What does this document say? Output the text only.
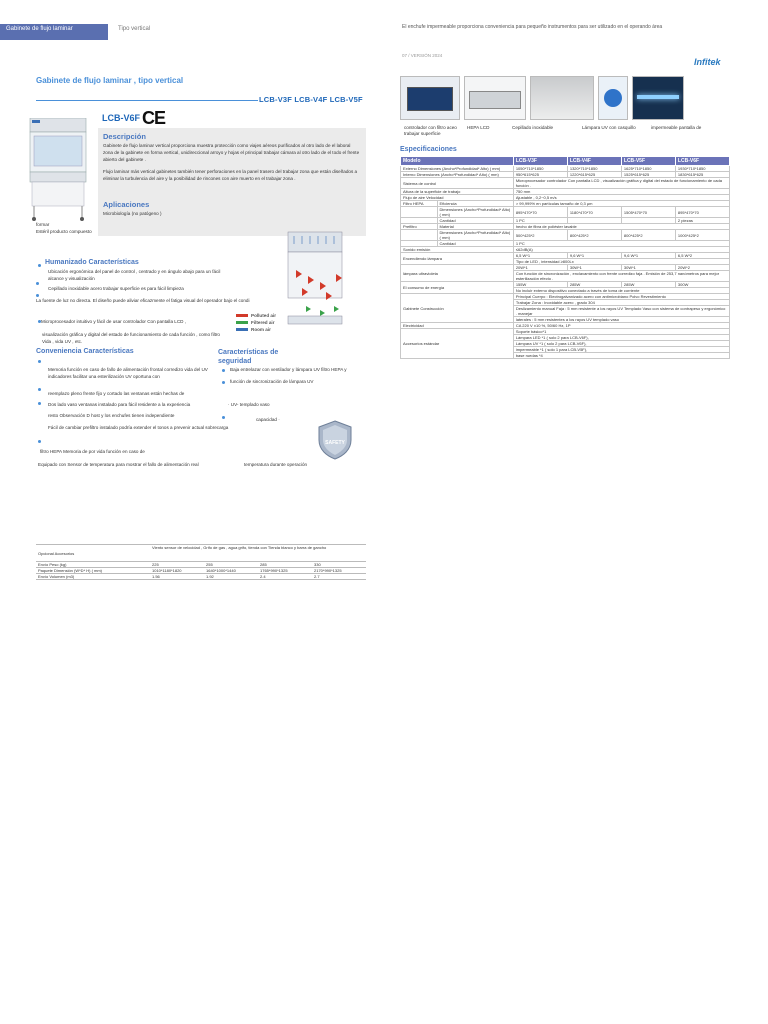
Gabinete de flujo laminar	Tipo vertical	El enchufe impermeable proporciona conveniencia para pequeño instrumentos para ser utilizado en el operando área
07 / VERSIÓN 2024
Infitek
Gabinete de flujo laminar , tipo vertical
LCB-V3F LCB-V4F LCB-V5F
LCB-V6F CE
Descripción
Gabinete de flujo laminar vertical proporciona muestra protección como viajes aéreos purificados al otro lado de el laboral zona de la gabinete en forma vertical, unidireccional arroyo y hojas el principal trabajar cámara al otro lado de el todo el frente abierto del gabinete .
Flujo laminar más vertical gabinetes también tener perforaciones en la panel trasero del trabajar zona que están diseñados a eliminar la turbulencia del aire y la posibilidad de rincones con aire muerto en el trabajar zona .
Aplicaciones
Microbiología (no patógeno )
formar
Estéril producto compuesto
Polluted air
Filtered air
Room air
Humanizado Características
Ubicación ergonómica del panel de control , centrado y en ángulo abajo para un fácil alcance y visualización
Cepillado inoxidable acero trabajar superficie es para fácil limpieza
La fuente de luz no directa. El diseño puede aliviar eficazmente el fatiga visual del operador bajo el condi
Microprocesador intuitivo y fácil de usar controlador Con pantalla LCD ,
visualización gráfica y digital del estado de funcionamiento de cada función , como filtro Vida , vida UV , etc.
Conveniencia Características
Memoria función en caso de fallo de alimentación frontal corredizo vida del UV indicadores facilitar una esterilización UV oportuna con
reemplazo pleno frente fijo y cortado las ventanas están hechas de
Dos lado vaso ventanas instalado para fácil residente a la experiencia
resto Observación D host y los enchufes tienen independiente
Fácil de cambiar prefiltro instalado podría extender el tonos a prevenir actual sobrecarga
filtro HEPA Memoria de por vida función en caso de
Equipado con Sensor de temperatura para mostrar el fallo de alimentación real
Características de seguridad
Baja entrelazar con ventilador y lámpara UV filtro HEPA y
función de sincronización de lámpara UV
· UV- templado vaso
capacidad ·
temperatura durante operación
SAFETY
Opcional Accesorios	Viento sensor de velocidad , Grifo de gas , agua grifo, tienda con Tienda blanco y barra de gancho			
Envío Peso (kg)	225	255	285	330
Paquete Dimensión (W*D* H) ( mm)	1010*1180*1820	1640*1000*1440	1765*990*1325	2170*990*1325
Envío Volumen (m3)	1.56	1.92	2.4	2.7
controlador con filtro aceo trabajar superficie
HEPA LCD	Cepillado inoxidable	Lámpara UV con casquillo	impermeable pantalla de
Especificaciones
Modelo		LCB-V3F	LCB-V4F	LCB-V5F	LCB-V6F
Externo Dimensiones (Ancho*Profundidad* Alto) ( mm)		1050*710*1850	1320*710*1850	1625*710*1850	1930*710*1850
Interno Dimensiones (Ancho*Profundidad* Alto) ( mm)		950*615*625	1220*615*625	1525*615*625	1830*615*625
Sistema de control		Microprocesador controlador Con pantalla LCD , visualización gráfica y digital del estado de funcionamiento de cada función .			
Altura de la superficie de trabajo		750 mm			
Flujo de aire Velocidad		Ajustable , 0,2~0,5 m/s			
Filtro HEPA	Eficiencia	> 99,999% en partículas tamaño de 0,3 μm			
	Dimensiones (Ancho*Profundidad* Alto)( mm)	895*470*70	1180*470*70	1505*470*70	895*470*70
	Cantidad	1 PC			2 piezas
Prefiltro	Material	hecho de fibra de poliéster lavable			
	Dimensiones (Ancho*Profundidad* Alto)( mm)	500*425*2	800*425*2	800*425*2	1000*425*2
	Cantidad	1 PC			
Sonido emisión		≤62dB(A)			
Encendiendo lámpara		6,5 W*1	9,6 W*1	9,6 W*1	6,5 W*2
		Tipo de LED , intensidad ≥800Lx			
lámpara ultravioleta		20W*1	30W*1	30W*1	20W*2
		Con función de sincronización , enclavamiento con frente corredizo faja . Emisión de 253,7 nanómetros para mejor esterilización efecto .			
El consumo de energía		155W	285W	285W	300W
		No incluir externo dispositivo conectado a través de toma de corriente			
Gabinete Construcción		Principal Cuerpo : Electrogalvanizado acero con antimicrobiano Polvo Revestimiento			
		Trabajar Zona : Inoxidable acero , grado 304			
		Deslizamiento manual Faja : 5 mm resistente a los rayos UV Templado Vaso con sistema de contrapeso y ergonómico . manejar			
		laterales : 5 mm resistentes a los rayos UV templado vaso			
Electricidad		CA 220 V ±10 %, 50/60 Hz, 1P			
Accesorios estándar		Soporte básico*1			
		Lámpara LED *1 ( solo 2 para LCB-V6F),			
		Lámpara UV *1 ( solo 2 para LCB-V6F),			
		impermeable *1 ( solo 1 para LCB-V5F),			
		base ruedas *4			
